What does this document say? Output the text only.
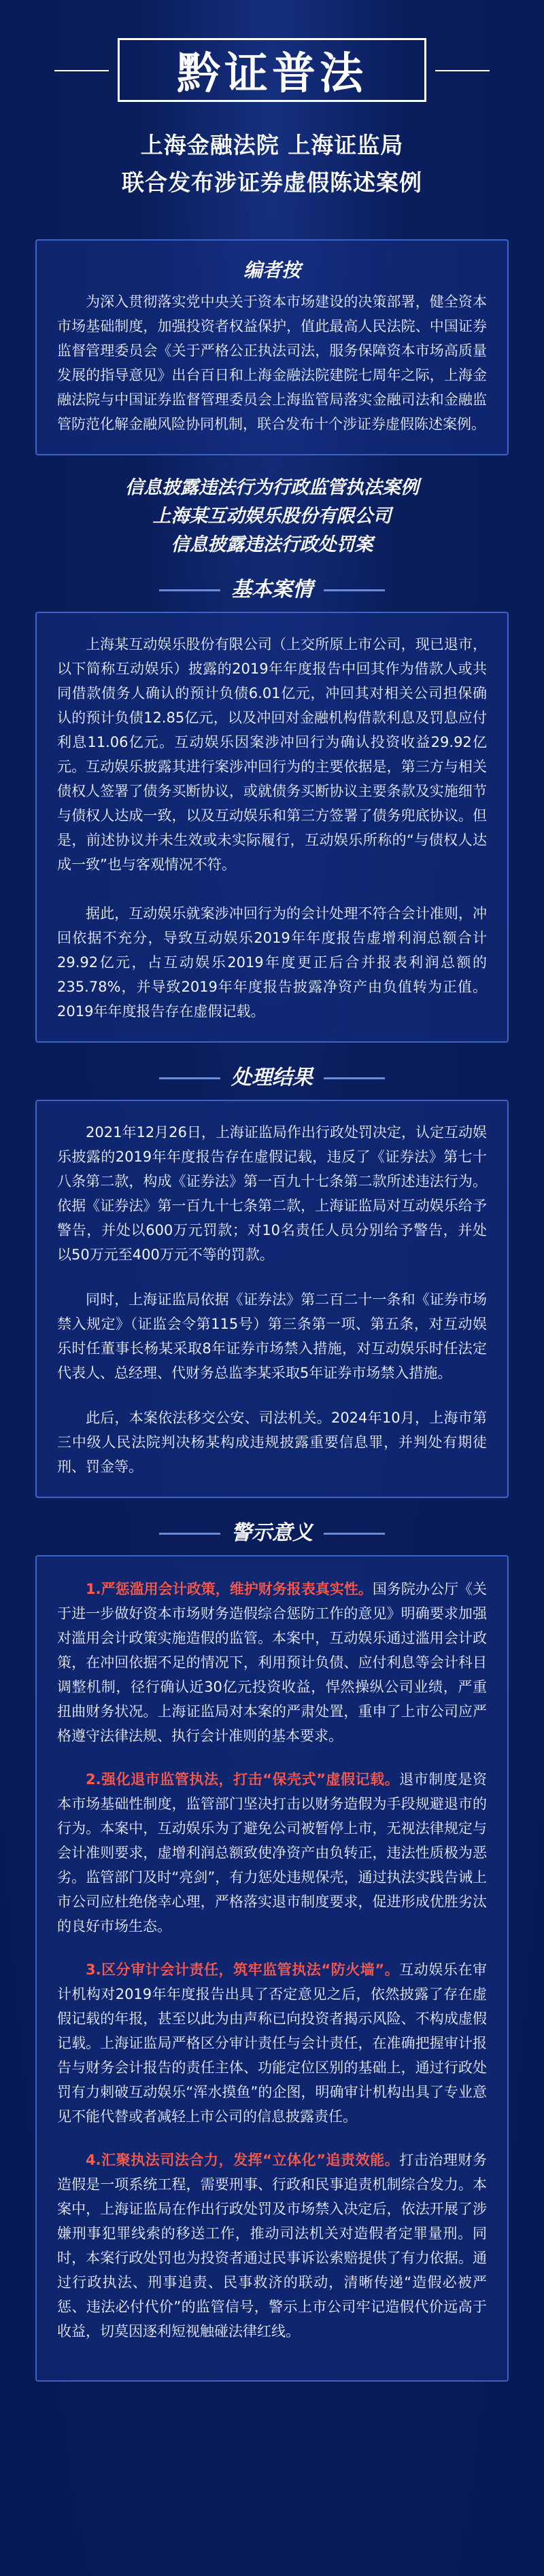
黔证普法
上海金融法院 上海证监局
联合发布涉证券虚假陈述案例
编者按

为深入贯彻落实党中央关于资本市场建设的决策部署，健全资本市场基础制度，加强投资者权益保护，值此最高人民法院、中国证券监督管理委员会《关于严格公正执法司法，服务保障资本市场高质量发展的指导意见》出台百日和上海金融法院建院七周年之际，上海金融法院与中国证券监督管理委员会上海监管局落实金融司法和金融监管防范化解金融风险协同机制，联合发布十个涉证券虚假陈述案例。

信息披露违法行为行政监管执法案例
上海某互动娱乐股份有限公司
信息披露违法行政处罚案
基本案情

上海某互动娱乐股份有限公司（上交所原上市公司，现已退市，以下简称互动娱乐）披露的2019年年度报告中回其作为借款人或共同借款债务人确认的预计负债6.01亿元，冲回其对相关公司担保确认的预计负债12.85亿元，以及冲回对金融机构借款利息及罚息应付利息11.06亿元。互动娱乐因案涉冲回行为确认投资收益29.92亿元。互动娱乐披露其进行案涉冲回行为的主要依据是，第三方与相关债权人签署了债务买断协议，或就债务买断协议主要条款及实施细节与债权人达成一致，以及互动娱乐和第三方签署了债务兜底协议。但是，前述协议并未生效或未实际履行，互动娱乐所称的“与债权人达成一致”也与客观情况不符。

据此，互动娱乐就案涉冲回行为的会计处理不符合会计准则，冲回依据不充分，导致互动娱乐2019年年度报告虚增利润总额合计29.92亿元，占互动娱乐2019年度更正后合并报表利润总额的235.78%，并导致2019年年度报告披露净资产由负值转为正值。2019年年度报告存在虚假记载。

处理结果

2021年12月26日，上海证监局作出行政处罚决定，认定互动娱乐披露的2019年年度报告存在虚假记载，违反了《证券法》第七十八条第二款，构成《证券法》第一百九十七条第二款所述违法行为。依据《证券法》第一百九十七条第二款，上海证监局对互动娱乐给予警告，并处以600万元罚款；对10名责任人员分别给予警告，并处以50万元至400万元不等的罚款。

同时，上海证监局依据《证券法》第二百二十一条和《证券市场禁入规定》（证监会令第115号）第三条第一项、第五条，对互动娱乐时任董事长杨某采取8年证券市场禁入措施，对互动娱乐时任法定代表人、总经理、代财务总监李某采取5年证券市场禁入措施。

此后，本案依法移交公安、司法机关。2024年10月，上海市第三中级人民法院判决杨某构成违规披露重要信息罪，并判处有期徒刑、罚金等。

警示意义

1.严惩滥用会计政策，维护财务报表真实性。国务院办公厅《关于进一步做好资本市场财务造假综合惩防工作的意见》明确要求加强对滥用会计政策实施造假的监管。本案中，互动娱乐通过滥用会计政策，在冲回依据不足的情况下，利用预计负债、应付利息等会计科目调整机制，径行确认近30亿元投资收益，悍然操纵公司业绩，严重扭曲财务状况。上海证监局对本案的严肃处置，重申了上市公司应严格遵守法律法规、执行会计准则的基本要求。

2.强化退市监管执法，打击“保壳式”虚假记载。退市制度是资本市场基础性制度，监管部门坚决打击以财务造假为手段规避退市的行为。本案中，互动娱乐为了避免公司被暂停上市，无视法律规定与会计准则要求，虚增利润总额致使净资产由负转正，违法性质极为恶劣。监管部门及时“亮剑”，有力惩处违规保壳，通过执法实践告诫上市公司应杜绝侥幸心理，严格落实退市制度要求，促进形成优胜劣汰的良好市场生态。

3.区分审计会计责任，筑牢监管执法“防火墙”。互动娱乐在审计机构对2019年年度报告出具了否定意见之后，依然披露了存在虚假记载的年报，甚至以此为由声称已向投资者揭示风险、不构成虚假记载。上海证监局严格区分审计责任与会计责任，在准确把握审计报告与财务会计报告的责任主体、功能定位区别的基础上，通过行政处罚有力刺破互动娱乐“浑水摸鱼”的企图，明确审计机构出具了专业意见不能代替或者减轻上市公司的信息披露责任。

4.汇聚执法司法合力，发挥“立体化”追责效能。打击治理财务造假是一项系统工程，需要刑事、行政和民事追责机制综合发力。本案中，上海证监局在作出行政处罚及市场禁入决定后，依法开展了涉嫌刑事犯罪线索的移送工作，推动司法机关对造假者定罪量刑。同时，本案行政处罚也为投资者通过民事诉讼索赔提供了有力依据。通过行政执法、刑事追责、民事救济的联动，清晰传递“造假必被严惩、违法必付代价”的监管信号，警示上市公司牢记造假代价远高于收益，切莫因逐利短视触碰法律红线。
